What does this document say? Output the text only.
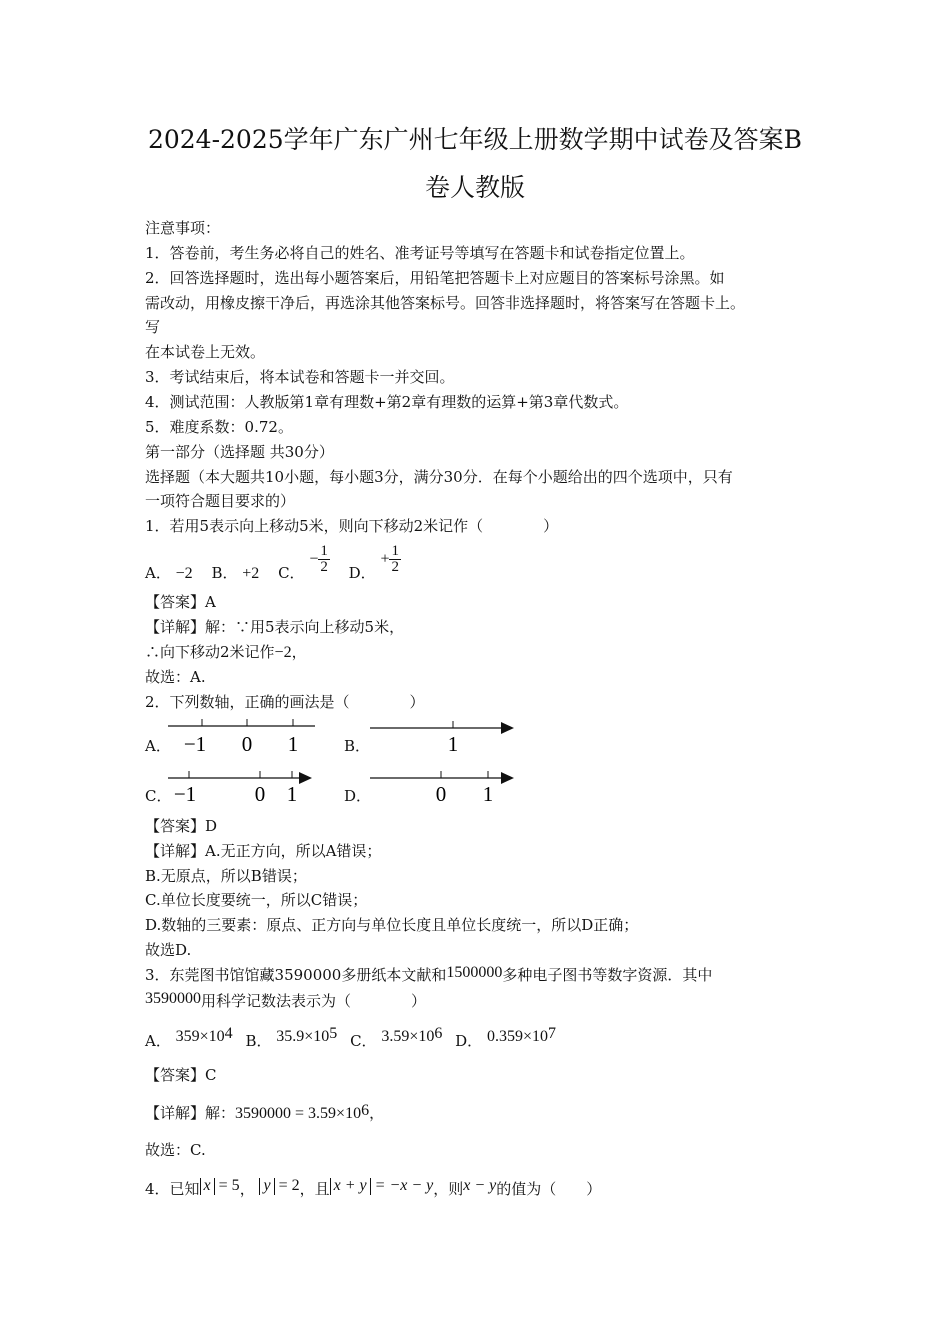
2024-2025学年广东广州七年级上册数学期中试卷及答案B
卷人教版

注意事项：

1．答卷前，考生务必将自己的姓名、准考证号等填写在答题卡和试卷指定位置上。

2．回答选择题时，选出每小题答案后，用铅笔把答题卡上对应题目的答案标号涂黑。如

需改动，用橡皮擦干净后，再选涂其他答案标号。回答非选择题时，将答案写在答题卡上。

写

在本试卷上无效。

3．考试结束后，将本试卷和答题卡一并交回。

4．测试范围：人教版第1章有理数+第2章有理数的运算+第3章代数式。

5．难度系数：0.72。

第一部分（选择题 共30分）

选择题（本大题共10小题，每小题3分，满分30分．在每个小题给出的四个选项中，只有

一项符合题目要求的）

1．若用5表示向上移动5米，则向下移动2米记作（　　　　）

A． −2 B． +2 C． − $\frac{1}{2}$ D． + $\frac{1}{2}$

【答案】A

【详解】解：∵用5表示向上移动5米，

∴向下移动2米记作−2，

故选：A.

2．下列数轴，正确的画法是（　　　　）

A． −1 0 1	B．	1
C． −1	0 1	D．	0 1

【答案】D

【详解】A.无正方向，所以A错误；

B.无原点，所以B错误；

C.单位长度要统一，所以C错误；

D.数轴的三要素：原点、正方向与单位长度且单位长度统一，所以D正确；

故选D.

3．东莞图书馆馆藏3590000多册纸本文献和1500000多种电子图书等数字资源．其中

3590000用科学记数法表示为（　　　　）

A． $359\times 10^4$ B． $35.9\times 10^5$ C． $3.59\times 10^6$ D． $0.359\times 10^7$

【答案】C

【详解】解：$3590000 = 3.59\times 10^6$，

故选：C.

4．已知 x = 5， y = 2，且 x + y = −x − y，则x − y的值为（　　）
